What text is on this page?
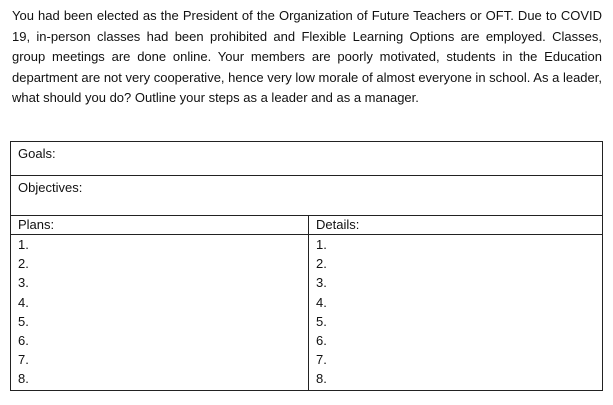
You had been elected as the President of the Organization of Future Teachers or OFT. Due to COVID 19, in-person classes had been prohibited and Flexible Learning Options are employed. Classes, group meetings are done online. Your members are poorly motivated, students in the Education department are not very cooperative, hence very low morale of almost everyone in school. As a leader, what should you do? Outline your steps as a leader and as a manager.

Goals:
Objectives:
Plans:
1.
2.
3.
4.
5.
6.
7.
8.
Details:
1.
2.
3.
4.
5.
6.
7.
8.
